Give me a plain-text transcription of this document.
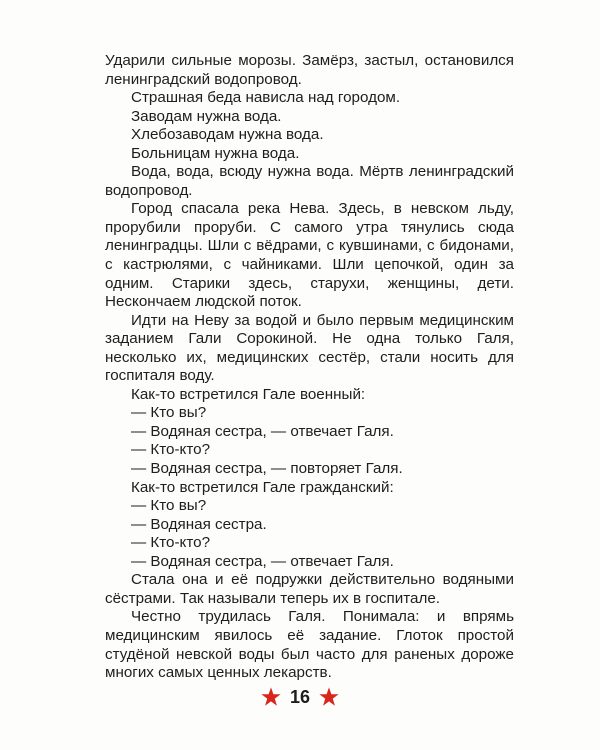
Ударили сильные морозы. Замёрз, застыл, остановился ленинградский водопровод.

Страшная беда нависла над городом.

Заводам нужна вода.

Хлебозаводам нужна вода.

Больницам нужна вода.

Вода, вода, всюду нужна вода. Мёртв ленинградский водопровод.

Город спасала река Нева. Здесь, в невском льду, прорубили проруби. С самого утра тянулись сюда ленинградцы. Шли с вёдрами, с кувшинами, с бидонами, с кастрюлями, с чайниками. Шли цепочкой, один за одним. Старики здесь, старухи, женщины, дети. Нескончаем людской поток.

Идти на Неву за водой и было первым медицинским заданием Гали Сорокиной. Не одна только Галя, несколько их, медицинских сестёр, стали носить для госпиталя воду.

Как-то встретился Гале военный:

— Кто вы?

— Водяная сестра, — отвечает Галя.

— Кто-кто?

— Водяная сестра, — повторяет Галя.

Как-то встретился Гале гражданский:

— Кто вы?

— Водяная сестра.

— Кто-кто?

— Водяная сестра, — отвечает Галя.

Стала она и её подружки действительно водяными сёстрами. Так называли теперь их в госпитале.

Честно трудилась Галя. Понимала: и впрямь медицинским явилось её задание. Глоток простой студёной невской воды был часто для раненых дороже многих самых ценных лекарств.

16
